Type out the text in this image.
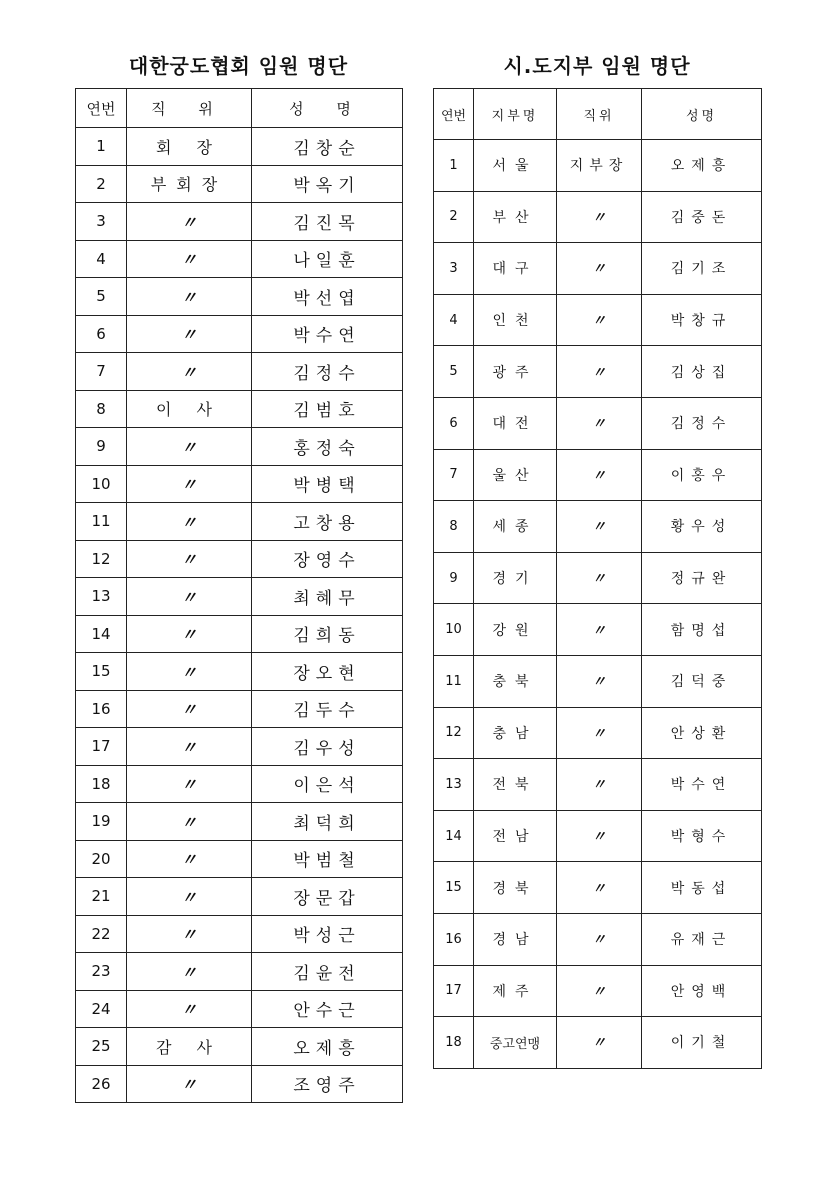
대한궁도협회 임원 명단	시.도지부 임원 명단
연번	직 위	성 명
1	회 장	김창순
2	부회장	박옥기
3	〃	김진목
4	〃	나일훈
5	〃	박선엽
6	〃	박수연
7	〃	김정수
8	이 사	김범호
9	〃	홍정숙
10	〃	박병택
11	〃	고창용
12	〃	장영수
13	〃	최혜무
14	〃	김희동
15	〃	장오현
16	〃	김두수
17	〃	김우성
18	〃	이은석
19	〃	최덕희
20	〃	박범철
21	〃	장문갑
22	〃	박성근
23	〃	김윤전
24	〃	안수근
25	감 사	오제흥
26	〃	조영주
연번	지부명	직위	성명
1	서울	지부장	오제흥
2	부산	〃	김중돈
3	대구	〃	김기조
4	인천	〃	박창규
5	광주	〃	김상집
6	대전	〃	김정수
7	울산	〃	이홍우
8	세종	〃	황우성
9	경기	〃	정규완
10	강원	〃	함명섭
11	충북	〃	김덕중
12	충남	〃	안상환
13	전북	〃	박수연
14	전남	〃	박형수
15	경북	〃	박동섭
16	경남	〃	유재근
17	제주	〃	안영백
18	중고연맹	〃	이기철
